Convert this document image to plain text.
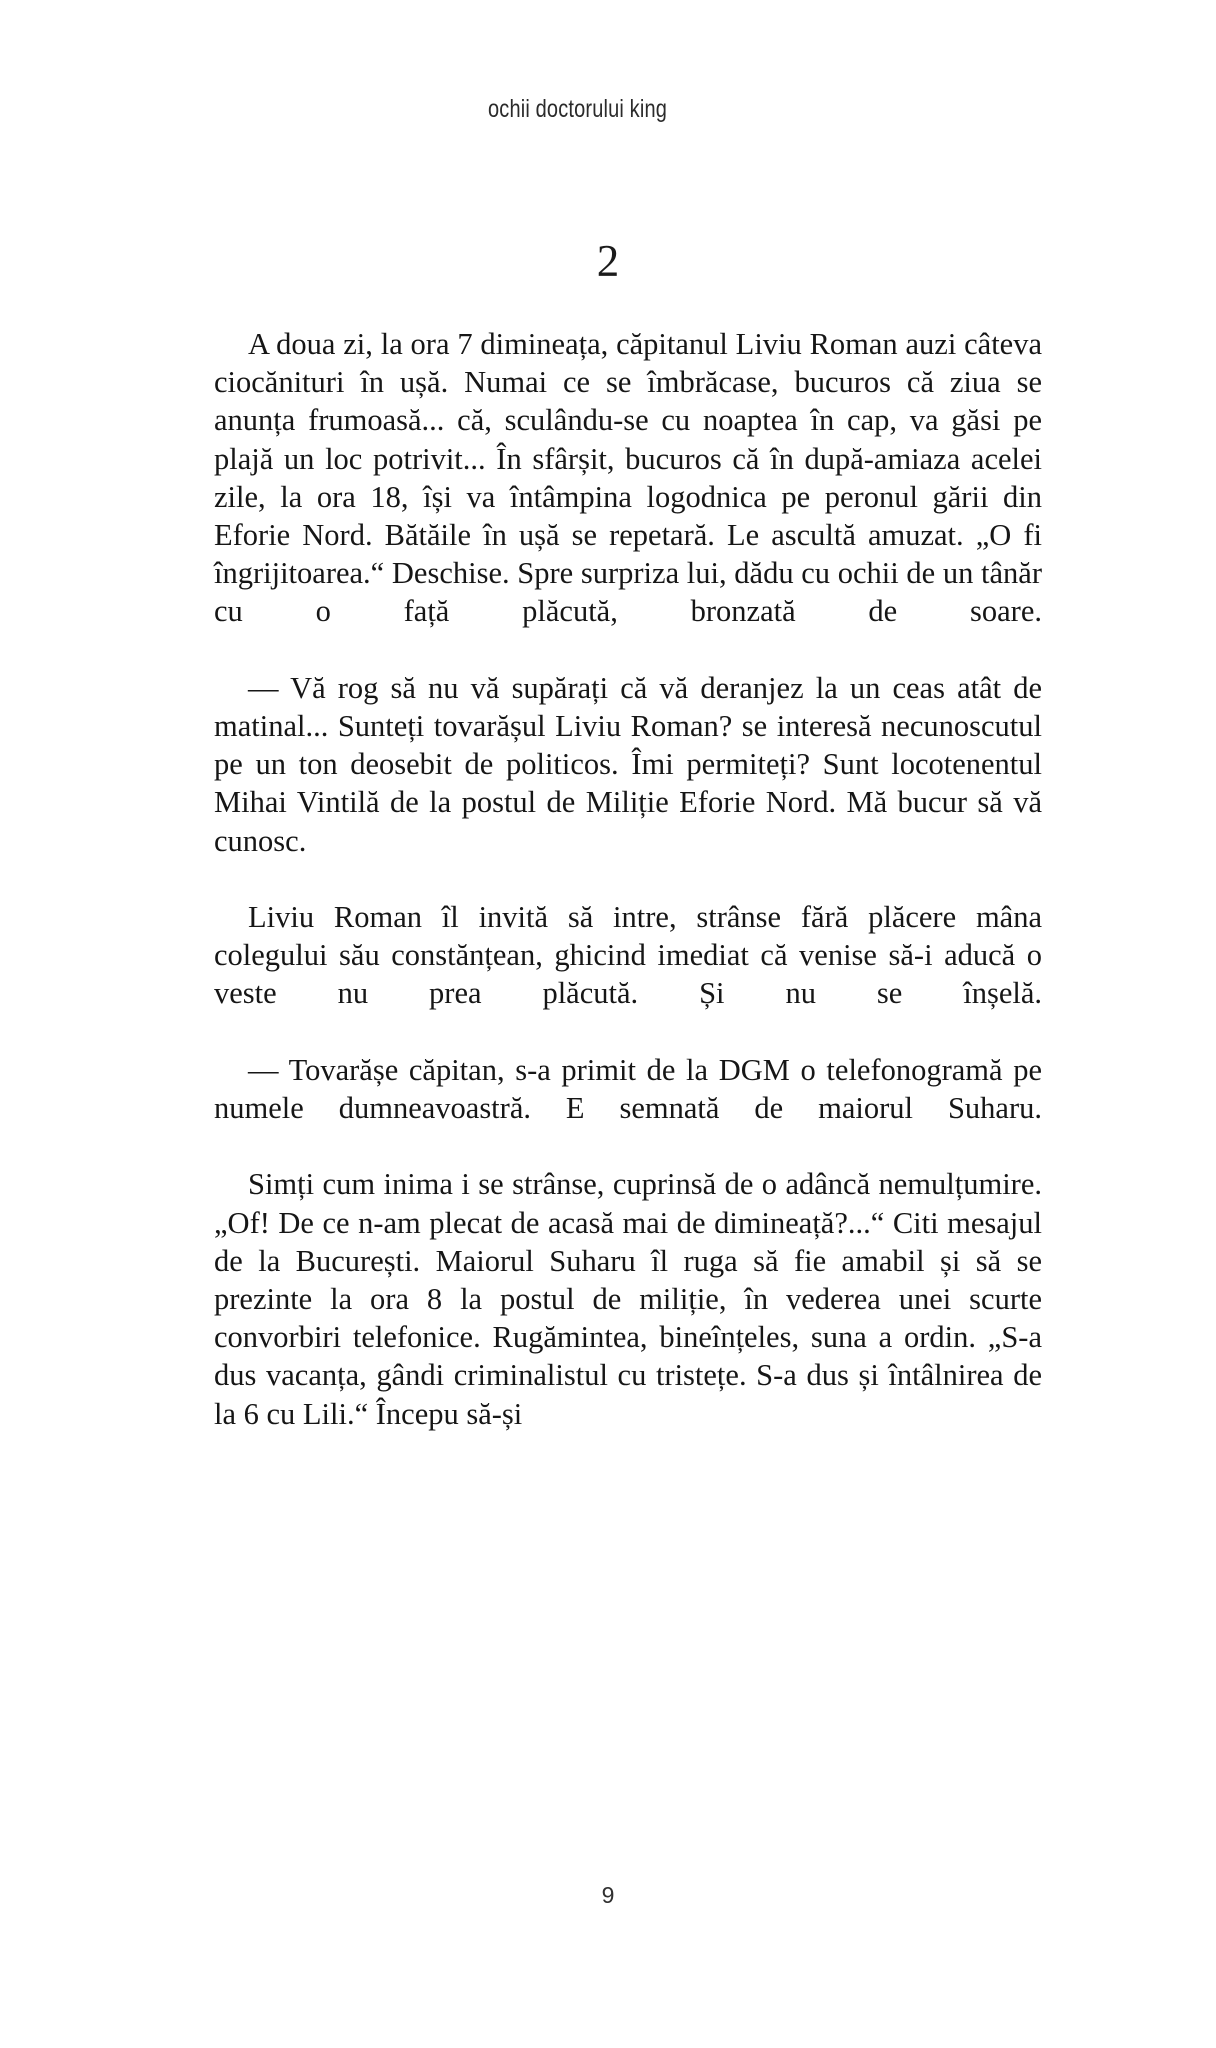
ochii doctorului king
2

A doua zi, la ora 7 dimineața, căpitanul Liviu Roman auzi câteva ciocănituri în ușă. Numai ce se îmbrăcase, bucuros că ziua se anunța frumoasă... că, sculându-se cu noaptea în cap, va găsi pe plajă un loc potrivit... În sfârșit, bucuros că în după-amiaza acelei zile, la ora 18, își va întâmpina logodnica pe peronul gării din Eforie Nord. Bătăile în ușă se repetară. Le ascultă amuzat. „O fi îngrijitoarea.“ Deschise. Spre surpriza lui, dădu cu ochii de un tânăr cu o față plăcută, bronzată de soare.

— Vă rog să nu vă supărați că vă deranjez la un ceas atât de matinal... Sunteți tovarășul Liviu Roman? se interesă necunoscutul pe un ton deosebit de politicos. Îmi permiteți? Sunt locotenentul Mihai Vintilă de la postul de Miliție Eforie Nord. Mă bucur să vă cunosc.

Liviu Roman îl invită să intre, strânse fără plăcere mâna colegului său constănțean, ghicind imediat că venise să-i aducă o veste nu prea plăcută. Și nu se înșelă.

— Tovarășe căpitan, s-a primit de la DGM o telefonogramă pe numele dumneavoastră. E semnată de maiorul Suharu.

Simți cum inima i se strânse, cuprinsă de o adâncă nemulțumire. „Of! De ce n-am plecat de acasă mai de dimineață?...“ Citi mesajul de la București. Maiorul Suharu îl ruga să fie amabil și să se prezinte la ora 8 la postul de miliție, în vederea unei scurte convorbiri telefonice. Rugămintea, bineînțeles, suna a ordin. „S-a dus vacanța, gândi criminalistul cu tristețe. S-a dus și întâlnirea de la 6 cu Lili.“ Începu să-și

9
